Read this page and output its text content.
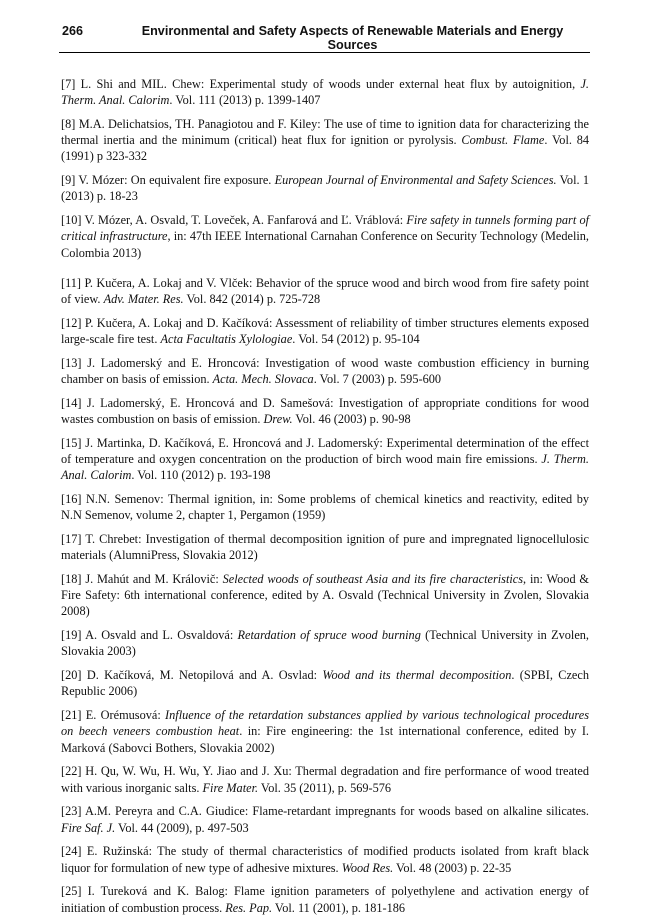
266	Environmental and Safety Aspects of Renewable Materials and Energy Sources

[7] L. Shi and MIL. Chew: Experimental study of woods under external heat flux by autoignition, J. Therm. Anal. Calorim. Vol. 111 (2013) p. 1399-1407

[8] M.A. Delichatsios, TH. Panagiotou and F. Kiley: The use of time to ignition data for characterizing the thermal inertia and the minimum (critical) heat flux for ignition or pyrolysis. Combust. Flame. Vol. 84 (1991) p 323-332

[9] V. Mózer: On equivalent fire exposure. European Journal of Environmental and Safety Sciences. Vol. 1 (2013) p. 18-23

[10] V. Mózer, A. Osvald, T. Loveček, A. Fanfarová and Ľ. Vráblová: Fire safety in tunnels forming part of critical infrastructure, in: 47th IEEE International Carnahan Conference on Security Technology (Medelin, Colombia 2013)

[11] P. Kučera, A. Lokaj and V. Vlček: Behavior of the spruce wood and birch wood from fire safety point of view. Adv. Mater. Res. Vol. 842 (2014) p. 725-728

[12] P. Kučera, A. Lokaj and D. Kačíková: Assessment of reliability of timber structures elements exposed large-scale fire test. Acta Facultatis Xylologiae. Vol. 54 (2012) p. 95-104

[13] J. Ladomerský and E. Hroncová: Investigation of wood waste combustion efficiency in burning chamber on basis of emission. Acta. Mech. Slovaca. Vol. 7 (2003) p. 595-600

[14] J. Ladomerský, E. Hroncová and D. Samešová: Investigation of appropriate conditions for wood wastes combustion on basis of emission. Drew. Vol. 46 (2003) p. 90-98

[15] J. Martinka, D. Kačíková, E. Hroncová and J. Ladomerský: Experimental determination of the effect of temperature and oxygen concentration on the production of birch wood main fire emissions. J. Therm. Anal. Calorim. Vol. 110 (2012) p. 193-198

[16] N.N. Semenov: Thermal ignition, in: Some problems of chemical kinetics and reactivity, edited by N.N Semenov, volume 2, chapter 1, Pergamon (1959)

[17] T. Chrebet: Investigation of thermal decomposition ignition of pure and impregnated lignocellulosic materials (AlumniPress, Slovakia 2012)

[18] J. Mahút and M. Královič: Selected woods of southeast Asia and its fire characteristics, in: Wood & Fire Safety: 6th international conference, edited by A. Osvald (Technical University in Zvolen, Slovakia 2008)

[19] A. Osvald and L. Osvaldová: Retardation of spruce wood burning (Technical University in Zvolen, Slovakia 2003)

[20] D. Kačíková, M. Netopilová and A. Osvlad: Wood and its thermal decomposition. (SPBI, Czech Republic 2006)

[21] E. Orémusová: Influence of the retardation substances applied by various technological procedures on beech veneers combustion heat. in: Fire engineering: the 1st international conference, edited by I. Marková (Sabovci Bothers, Slovakia 2002)

[22] H. Qu, W. Wu, H. Wu, Y. Jiao and J. Xu: Thermal degradation and fire performance of wood treated with various inorganic salts. Fire Mater. Vol. 35 (2011), p. 569-576

[23] A.M. Pereyra and C.A. Giudice: Flame-retardant impregnants for woods based on alkaline silicates. Fire Saf. J. Vol. 44 (2009), p. 497-503

[24] E. Ružinská: The study of thermal characteristics of modified products isolated from kraft black liquor for formulation of new type of adhesive mixtures. Wood Res. Vol. 48 (2003) p. 22-35

[25] I. Tureková and K. Balog: Flame ignition parameters of polyethylene and activation energy of initiation of combustion process. Res. Pap. Vol. 11 (2001), p. 181-186
